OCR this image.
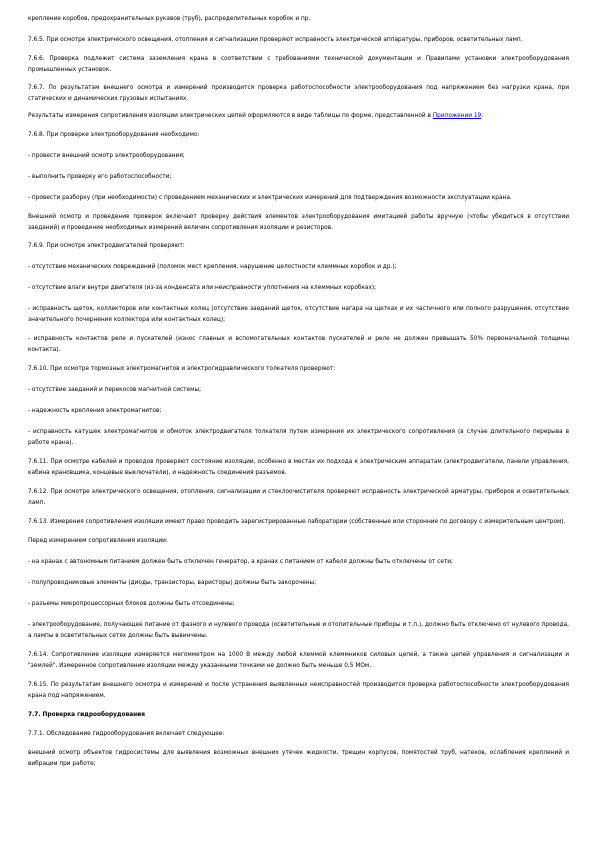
крепление коробов, предохранительных рукавов (труб), распределительных коробок и пр.

7.6.5. При осмотре электрического освещения, отопления и сигнализации проверяют исправность электрической аппаратуры, приборов, осветительных ламп.

7.6.6. Проверка подлежит система заземления крана в соответствии с требованиями технической документации и Правилами установки электрооборудования промышленных установок.

7.6.7. По результатам внешнего осмотра и измерений производится проверка работоспособности электрооборудования под напряжением без нагрузки крана, при статических и динамических грузовых испытаниях.

Результаты измерения сопротивления изоляции электрических цепей оформляются в виде таблицы по форме, представленной в Приложении 19.

7.6.8. При проверке электрооборудования необходимо:

- провести внешний осмотр электрооборудования;

- выполнить проверку его работоспособности;

- провести разборку (при необходимости) с проведением механических и электрических измерений для подтверждения возможности эксплуатации крана.

Внешний осмотр и проведение проверок включают проверку действия элементов электрооборудования имитацией работы вручную (чтобы убедиться в отсутствии заеданий) и проведение необходимых измерений величин сопротивления изоляции и резисторов.

7.6.9. При осмотре электродвигателей проверяют:

- отсутствие механических повреждений (поломок мест крепления, нарушение целостности клеммных коробок и др.);

- отсутствие влаги внутри двигателя (из-за конденсата или неисправности уплотнения на клеммных коробках);

- исправность щеток, коллекторов или контактных колец (отсутствие заеданий щеток, отсутствие нагара на щетках и их частичного или полного разрушения, отсутствие значительного почернения коллектора или контактных колец);

- исправность контактов реле и пускателей (износ главных и вспомогательных контактов пускателей и реле не должен превышать 50% первоначальной толщины контакта).

7.6.10. При осмотре тормозных электромагнитов и электрогидравлического толкателя проверяют:

- отсутствие заеданий и перекосов магнитной системы;

- надежность крепления электромагнитов;

- исправность катушек электромагнитов и обмоток электродвигателя толкателя путем измерения их электрического сопротивления (в случае длительного перерыва в работе крана).

7.6.11. При осмотре кабелей и проводов проверяют состояние изоляции, особенно в местах их подхода к электрическим аппаратам (электродвигатели, панели управления, кабина крановщика, концевые выключатели), и надежность соединения разъемов.

7.6.12. При осмотре электрического освещения, отопления, сигнализации и стеклоочистителя проверяют исправность электрической арматуры, приборов и осветительных ламп.

7.6.13. Измерения сопротивления изоляции имеют право проводить зарегистрированные лаборатории (собственные или сторонние по договору с измерительным центром).

Перед измерением сопротивления изоляции:

- на кранах с автономным питанием должен быть отключен генератор, а кранах с питанием от кабеля должны быть отключены от сети;

- полупроводниковые элементы (диоды, транзисторы, варисторы) должны быть закорочены;

- разъемы микропроцессорных блоков должны быть отсоединены;

- электрооборудование, получающее питание от фазного и нулевого провода (осветительные и отопительные приборы и т.п.), должно быть отключено от нулевого провода, а лампы в осветительных сетях должны быть вывинчены.

7.6.14. Сопротивление изоляции измеряется мегомметром на 1000 В между любой клеммой клеммников силовых цепей, а также цепей управления и сигнализации и "землей". Измеренное сопротивление изоляции между указанными точками не должно быть меньше 0,5 МОм.

7.6.15. По результатам внешнего осмотра и измерений и после устранения выявленных неисправностей производится проверка работоспособности электрооборудования крана под напряжением.

7.7. Проверка гидрооборудования

7.7.1. Обследование гидрооборудования включает следующее:

внешний осмотр объектов гидросистемы для выявления возможных внешних утечек жидкости, трещин корпусов, помятостей труб, натеков, ослабления креплений и вибрации при работе;
